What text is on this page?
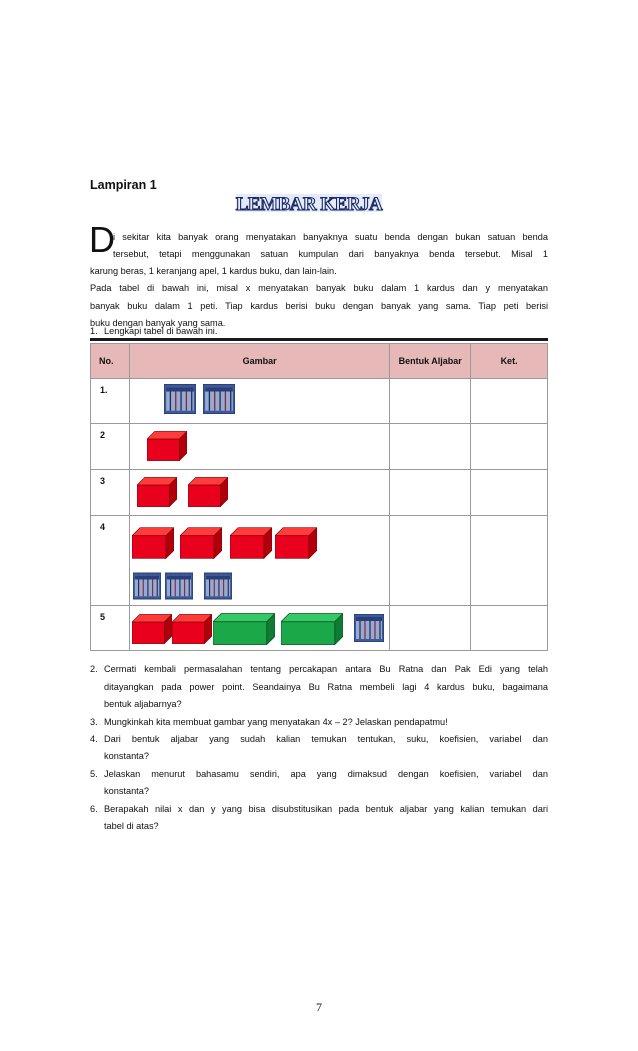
Lampiran 1
LEMBAR KERJA
D
i sekitar kita banyak orang menyatakan banyaknya suatu benda dengan bukan satuan benda
tersebut, tetapi menggunakan satuan kumpulan dari banyaknya benda tersebut. Misal 1
karung beras, 1 keranjang apel, 1 kardus buku, dan lain-lain.
Pada tabel di bawah ini, misal x menyatakan banyak buku dalam 1 kardus dan y menyatakan
banyak buku dalam 1 peti. Tiap kardus berisi buku dengan banyak yang sama. Tiap peti berisi
buku dengan banyak yang sama.
1. Lengkapi tabel di bawah ini.
No.	Gambar	Bentuk Aljabar	Ket.

1.

2

3

4

5

2. Cermati kembali permasalahan tentang percakapan antara Bu Ratna dan Pak Edi yang telah
ditayangkan pada power point. Seandainya Bu Ratna membeli lagi 4 kardus buku, bagaimana
bentuk aljabarnya?
3. Mungkinkah kita membuat gambar yang menyatakan 4x – 2? Jelaskan pendapatmu!
4. Dari bentuk aljabar yang sudah kalian temukan tentukan, suku, koefisien, variabel dan
konstanta?
5. Jelaskan menurut bahasamu sendiri, apa yang dimaksud dengan koefisien, variabel dan
konstanta?
6. Berapakah nilai x dan y yang bisa disubstitusikan pada bentuk aljabar yang kalian temukan dari
tabel di atas?
7
